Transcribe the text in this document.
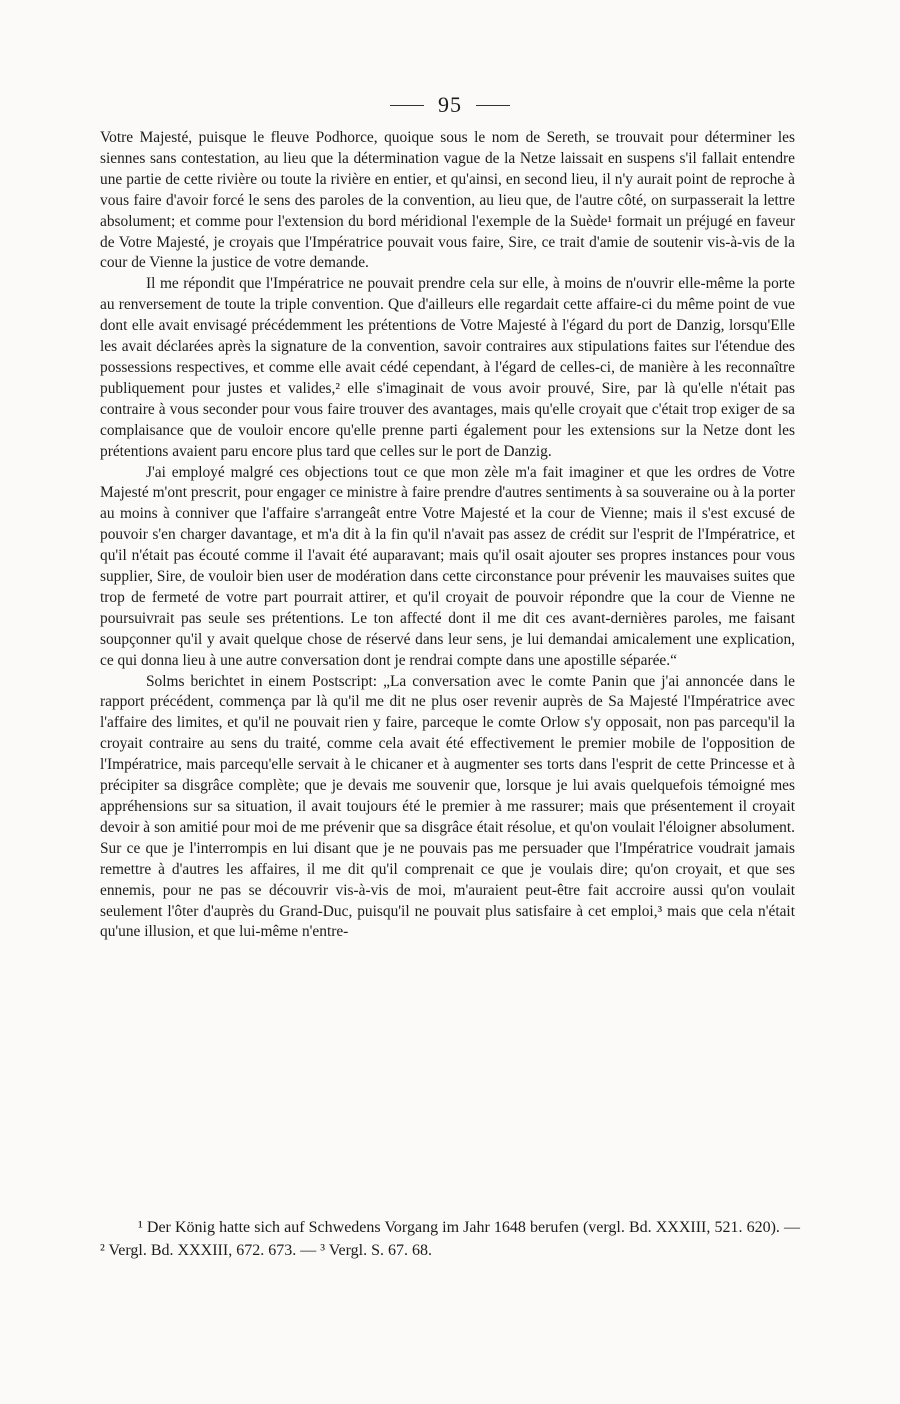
95

Votre Majesté, puisque le fleuve Podhorce, quoique sous le nom de Sereth, se trouvait pour déterminer les siennes sans contestation, au lieu que la détermination vague de la Netze laissait en suspens s'il fallait entendre une partie de cette rivière ou toute la rivière en entier, et qu'ainsi, en second lieu, il n'y aurait point de reproche à vous faire d'avoir forcé le sens des paroles de la convention, au lieu que, de l'autre côté, on surpasserait la lettre absolument; et comme pour l'extension du bord méridional l'exemple de la Suède¹ formait un préjugé en faveur de Votre Majesté, je croyais que l'Impératrice pouvait vous faire, Sire, ce trait d'amie de soutenir vis-à-vis de la cour de Vienne la justice de votre demande.

Il me répondit que l'Impératrice ne pouvait prendre cela sur elle, à moins de n'ouvrir elle-même la porte au renversement de toute la triple convention. Que d'ailleurs elle regardait cette affaire-ci du même point de vue dont elle avait envisagé précédemment les prétentions de Votre Majesté à l'égard du port de Danzig, lorsqu'Elle les avait déclarées après la signature de la convention, savoir contraires aux stipulations faites sur l'étendue des possessions respectives, et comme elle avait cédé cependant, à l'égard de celles-ci, de manière à les reconnaître publiquement pour justes et valides,² elle s'imaginait de vous avoir prouvé, Sire, par là qu'elle n'était pas contraire à vous seconder pour vous faire trouver des avantages, mais qu'elle croyait que c'était trop exiger de sa complaisance que de vouloir encore qu'elle prenne parti également pour les extensions sur la Netze dont les prétentions avaient paru encore plus tard que celles sur le port de Danzig.

J'ai employé malgré ces objections tout ce que mon zèle m'a fait imaginer et que les ordres de Votre Majesté m'ont prescrit, pour engager ce ministre à faire prendre d'autres sentiments à sa souveraine ou à la porter au moins à conniver que l'affaire s'arrangeât entre Votre Majesté et la cour de Vienne; mais il s'est excusé de pouvoir s'en charger davantage, et m'a dit à la fin qu'il n'avait pas assez de crédit sur l'esprit de l'Impératrice, et qu'il n'était pas écouté comme il l'avait été auparavant; mais qu'il osait ajouter ses propres instances pour vous supplier, Sire, de vouloir bien user de modération dans cette circonstance pour prévenir les mauvaises suites que trop de fermeté de votre part pourrait attirer, et qu'il croyait de pouvoir répondre que la cour de Vienne ne poursuivrait pas seule ses prétentions. Le ton affecté dont il me dit ces avant-dernières paroles, me faisant soupçonner qu'il y avait quelque chose de réservé dans leur sens, je lui demandai amicalement une explication, ce qui donna lieu à une autre conversation dont je rendrai compte dans une apostille séparée.“

Solms berichtet in einem Postscript: „La conversation avec le comte Panin que j'ai annoncée dans le rapport précédent, commença par là qu'il me dit ne plus oser revenir auprès de Sa Majesté l'Impératrice avec l'affaire des limites, et qu'il ne pouvait rien y faire, parceque le comte Orlow s'y opposait, non pas parcequ'il la croyait contraire au sens du traité, comme cela avait été effectivement le premier mobile de l'opposition de l'Impératrice, mais parcequ'elle servait à le chicaner et à augmenter ses torts dans l'esprit de cette Princesse et à précipiter sa disgrâce complète; que je devais me souvenir que, lorsque je lui avais quelquefois témoigné mes appréhensions sur sa situation, il avait toujours été le premier à me rassurer; mais que présentement il croyait devoir à son amitié pour moi de me prévenir que sa disgrâce était résolue, et qu'on voulait l'éloigner absolument. Sur ce que je l'interrompis en lui disant que je ne pouvais pas me persuader que l'Impératrice voudrait jamais remettre à d'autres les affaires, il me dit qu'il comprenait ce que je voulais dire; qu'on croyait, et que ses ennemis, pour ne pas se découvrir vis-à-vis de moi, m'auraient peut-être fait accroire aussi qu'on voulait seulement l'ôter d'auprès du Grand-Duc, puisqu'il ne pouvait plus satisfaire à cet emploi,³ mais que cela n'était qu'une illusion, et que lui-même n'entre-

¹ Der König hatte sich auf Schwedens Vorgang im Jahr 1648 berufen (vergl. Bd. XXXIII, 521. 620). — ² Vergl. Bd. XXXIII, 672. 673. — ³ Vergl. S. 67. 68.
